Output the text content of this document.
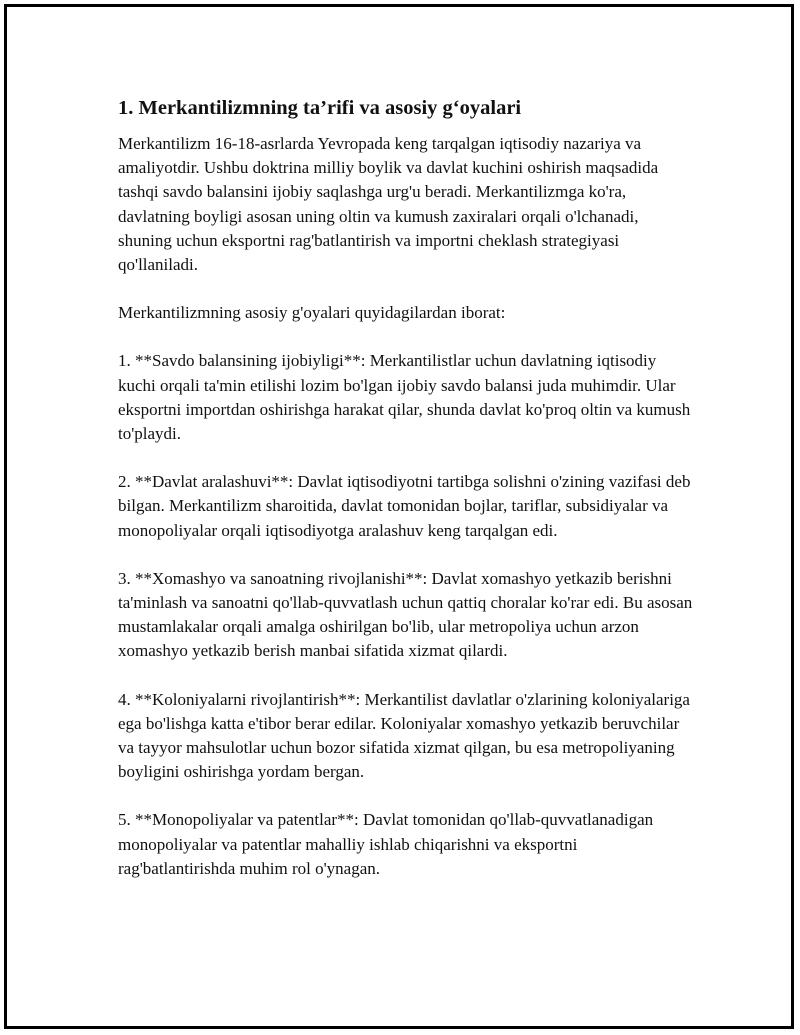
1. Merkantilizmning ta’rifi va asosiy g‘oyalari

Merkantilizm 16-18-asrlarda Yevropada keng tarqalgan iqtisodiy nazariya va amaliyotdir. Ushbu doktrina milliy boylik va davlat kuchini oshirish maqsadida tashqi savdo balansini ijobiy saqlashga urg'u beradi. Merkantilizmga ko'ra, davlatning boyligi asosan uning oltin va kumush zaxiralari orqali o'lchanadi, shuning uchun eksportni rag'batlantirish va importni cheklash strategiyasi qo'llaniladi.

Merkantilizmning asosiy g'oyalari quyidagilardan iborat:

1. **Savdo balansining ijobiyligi**: Merkantilistlar uchun davlatning iqtisodiy kuchi orqali ta'min etilishi lozim bo'lgan ijobiy savdo balansi juda muhimdir. Ular eksportni importdan oshirishga harakat qilar, shunda davlat ko'proq oltin va kumush to'playdi.

2. **Davlat aralashuvi**: Davlat iqtisodiyotni tartibga solishni o'zining vazifasi deb bilgan. Merkantilizm sharoitida, davlat tomonidan bojlar, tariflar, subsidiyalar va monopoliyalar orqali iqtisodiyotga aralashuv keng tarqalgan edi.

3. **Xomashyo va sanoatning rivojlanishi**: Davlat xomashyo yetkazib berishni ta'minlash va sanoatni qo'llab-quvvatlash uchun qattiq choralar ko'rar edi. Bu asosan mustamlakalar orqali amalga oshirilgan bo'lib, ular metropoliya uchun arzon xomashyo yetkazib berish manbai sifatida xizmat qilardi.

4. **Koloniyalarni rivojlantirish**: Merkantilist davlatlar o'zlarining koloniyalariga ega bo'lishga katta e'tibor berar edilar. Koloniyalar xomashyo yetkazib beruvchilar va tayyor mahsulotlar uchun bozor sifatida xizmat qilgan, bu esa metropoliyaning boyligini oshirishga yordam bergan.

5. **Monopoliyalar va patentlar**: Davlat tomonidan qo'llab-quvvatlanadigan monopoliyalar va patentlar mahalliy ishlab chiqarishni va eksportni rag'batlantirishda muhim rol o'ynagan.
